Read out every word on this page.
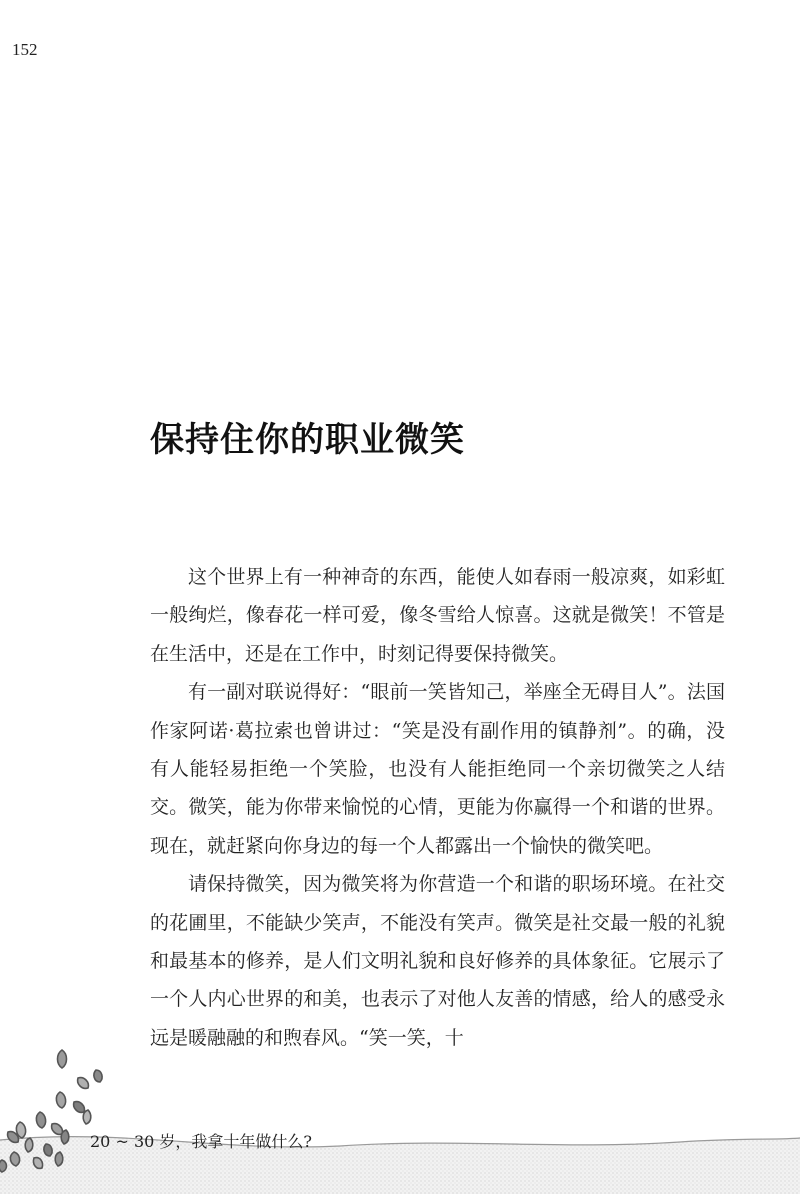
152
保持住你的职业微笑

这个世界上有一种神奇的东西，能使人如春雨一般凉爽，如彩虹一般绚烂，像春花一样可爱，像冬雪给人惊喜。这就是微笑！不管是在生活中，还是在工作中，时刻记得要保持微笑。

有一副对联说得好：“眼前一笑皆知己，举座全无碍目人”。法国作家阿诺·葛拉索也曾讲过：“笑是没有副作用的镇静剂”。的确，没有人能轻易拒绝一个笑脸，也没有人能拒绝同一个亲切微笑之人结交。微笑，能为你带来愉悦的心情，更能为你赢得一个和谐的世界。现在，就赶紧向你身边的每一个人都露出一个愉快的微笑吧。

请保持微笑，因为微笑将为你营造一个和谐的职场环境。在社交的花圃里，不能缺少笑声，不能没有笑声。微笑是社交最一般的礼貌和最基本的修养，是人们文明礼貌和良好修养的具体象征。它展示了一个人内心世界的和美，也表示了对他人友善的情感，给人的感受永远是暖融融的和煦春风。“笑一笑，十

20 ~ 30 岁，我拿十年做什么?
